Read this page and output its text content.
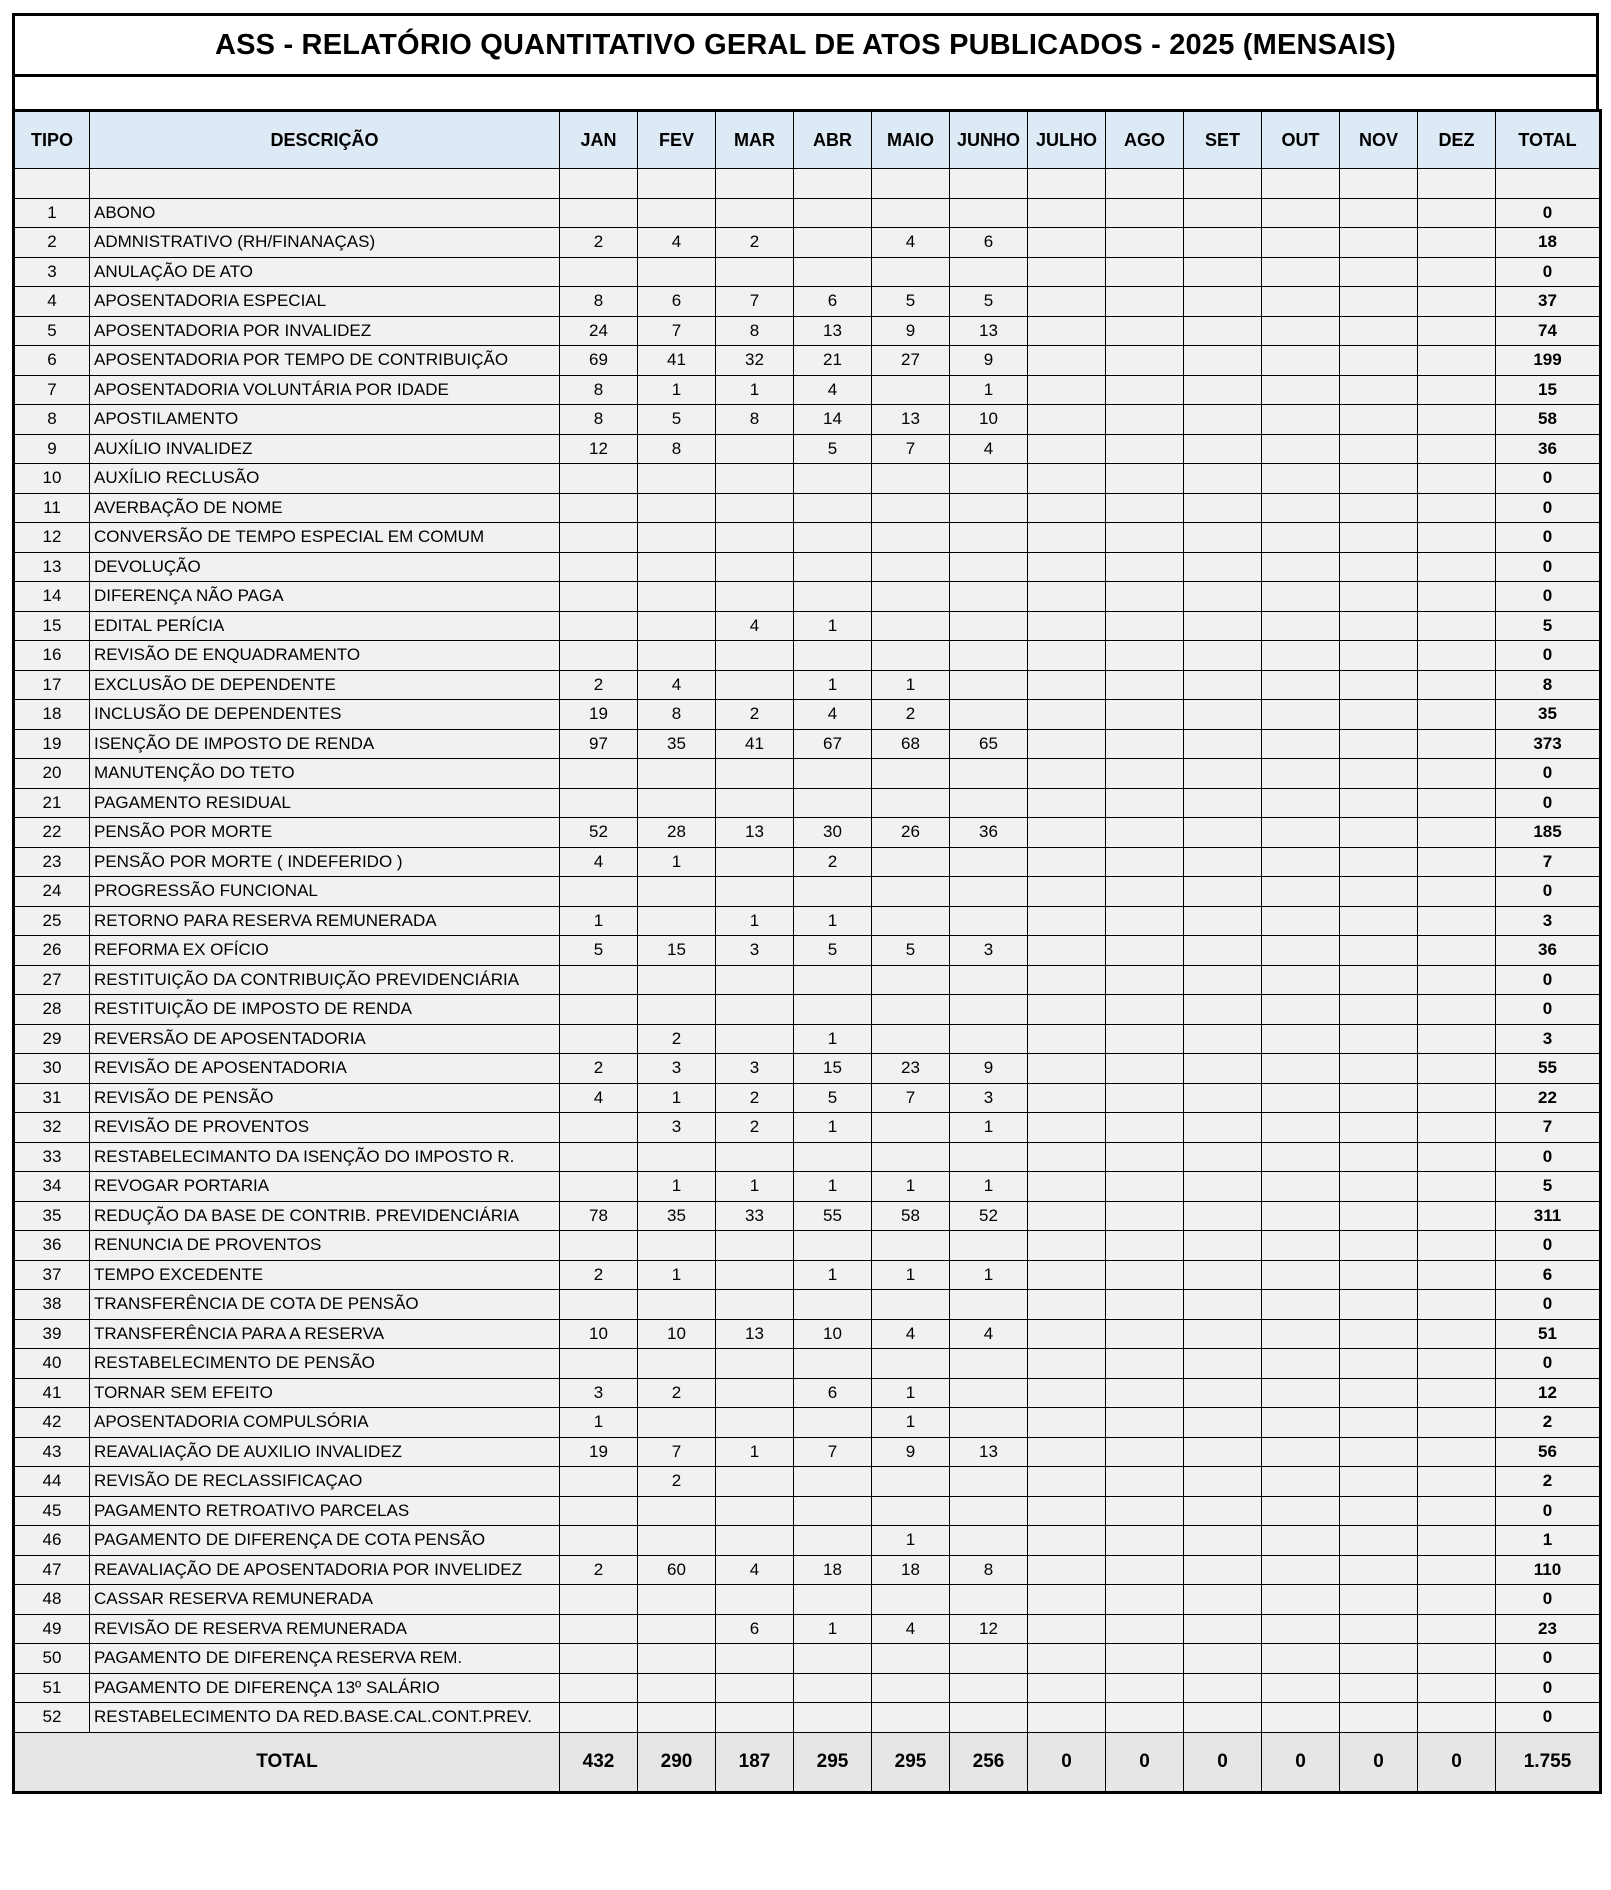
ASS - RELATÓRIO QUANTITATIVO GERAL DE ATOS PUBLICADOS - 2025 (MENSAIS)
TIPO	DESCRIÇÃO	JAN	FEV	MAR	ABR	MAIO	JUNHO	JULHO	AGO	SET	OUT	NOV	DEZ	TOTAL

1	ABONO													0
2	ADMNISTRATIVO (RH/FINANAÇAS)	2	4	2		4	6							18
3	ANULAÇÃO DE ATO													0
4	APOSENTADORIA ESPECIAL	8	6	7	6	5	5							37
5	APOSENTADORIA POR INVALIDEZ	24	7	8	13	9	13							74
6	APOSENTADORIA POR TEMPO DE CONTRIBUIÇÃO	69	41	32	21	27	9							199
7	APOSENTADORIA VOLUNTÁRIA POR IDADE	8	1	1	4		1							15
8	APOSTILAMENTO	8	5	8	14	13	10							58
9	AUXÍLIO INVALIDEZ	12	8		5	7	4							36
10	AUXÍLIO RECLUSÃO													0
11	AVERBAÇÃO DE NOME													0
12	CONVERSÃO DE TEMPO ESPECIAL EM COMUM													0
13	DEVOLUÇÃO													0
14	DIFERENÇA NÃO PAGA													0
15	EDITAL PERÍCIA			4	1									5
16	REVISÃO DE ENQUADRAMENTO													0
17	EXCLUSÃO DE DEPENDENTE	2	4		1	1								8
18	INCLUSÃO DE DEPENDENTES	19	8	2	4	2								35
19	ISENÇÃO DE IMPOSTO DE RENDA	97	35	41	67	68	65							373
20	MANUTENÇÃO DO TETO													0
21	PAGAMENTO RESIDUAL													0
22	PENSÃO POR MORTE	52	28	13	30	26	36							185
23	PENSÃO POR MORTE ( INDEFERIDO )	4	1		2									7
24	PROGRESSÃO FUNCIONAL													0
25	RETORNO PARA RESERVA REMUNERADA	1		1	1									3
26	REFORMA EX OFÍCIO	5	15	3	5	5	3							36
27	RESTITUIÇÃO DA CONTRIBUIÇÃO PREVIDENCIÁRIA													0
28	RESTITUIÇÃO DE IMPOSTO DE RENDA													0
29	REVERSÃO DE APOSENTADORIA		2		1									3
30	REVISÃO DE APOSENTADORIA	2	3	3	15	23	9							55
31	REVISÃO DE PENSÃO	4	1	2	5	7	3							22
32	REVISÃO DE PROVENTOS		3	2	1		1							7
33	RESTABELECIMANTO DA ISENÇÃO DO IMPOSTO R.													0
34	REVOGAR PORTARIA		1	1	1	1	1							5
35	REDUÇÃO DA BASE DE CONTRIB. PREVIDENCIÁRIA	78	35	33	55	58	52							311
36	RENUNCIA DE PROVENTOS													0
37	TEMPO EXCEDENTE	2	1		1	1	1							6
38	TRANSFERÊNCIA DE COTA DE PENSÃO													0
39	TRANSFERÊNCIA PARA A RESERVA	10	10	13	10	4	4							51
40	RESTABELECIMENTO DE PENSÃO													0
41	TORNAR SEM EFEITO	3	2		6	1								12
42	APOSENTADORIA COMPULSÓRIA	1				1								2
43	REAVALIAÇÃO DE AUXILIO INVALIDEZ	19	7	1	7	9	13							56
44	REVISÃO DE RECLASSIFICAÇAO		2											2
45	PAGAMENTO RETROATIVO PARCELAS													0
46	PAGAMENTO DE DIFERENÇA DE COTA PENSÃO					1								1
47	REAVALIAÇÃO DE APOSENTADORIA POR INVELIDEZ	2	60	4	18	18	8							110
48	CASSAR RESERVA REMUNERADA													0
49	REVISÃO DE RESERVA REMUNERADA			6	1	4	12							23
50	PAGAMENTO DE DIFERENÇA RESERVA REM.													0
51	PAGAMENTO DE DIFERENÇA 13º SALÁRIO													0
52	RESTABELECIMENTO DA RED.BASE.CAL.CONT.PREV.													0
TOTAL		432	290	187	295	295	256	0	0	0	0	0	0	1.755
